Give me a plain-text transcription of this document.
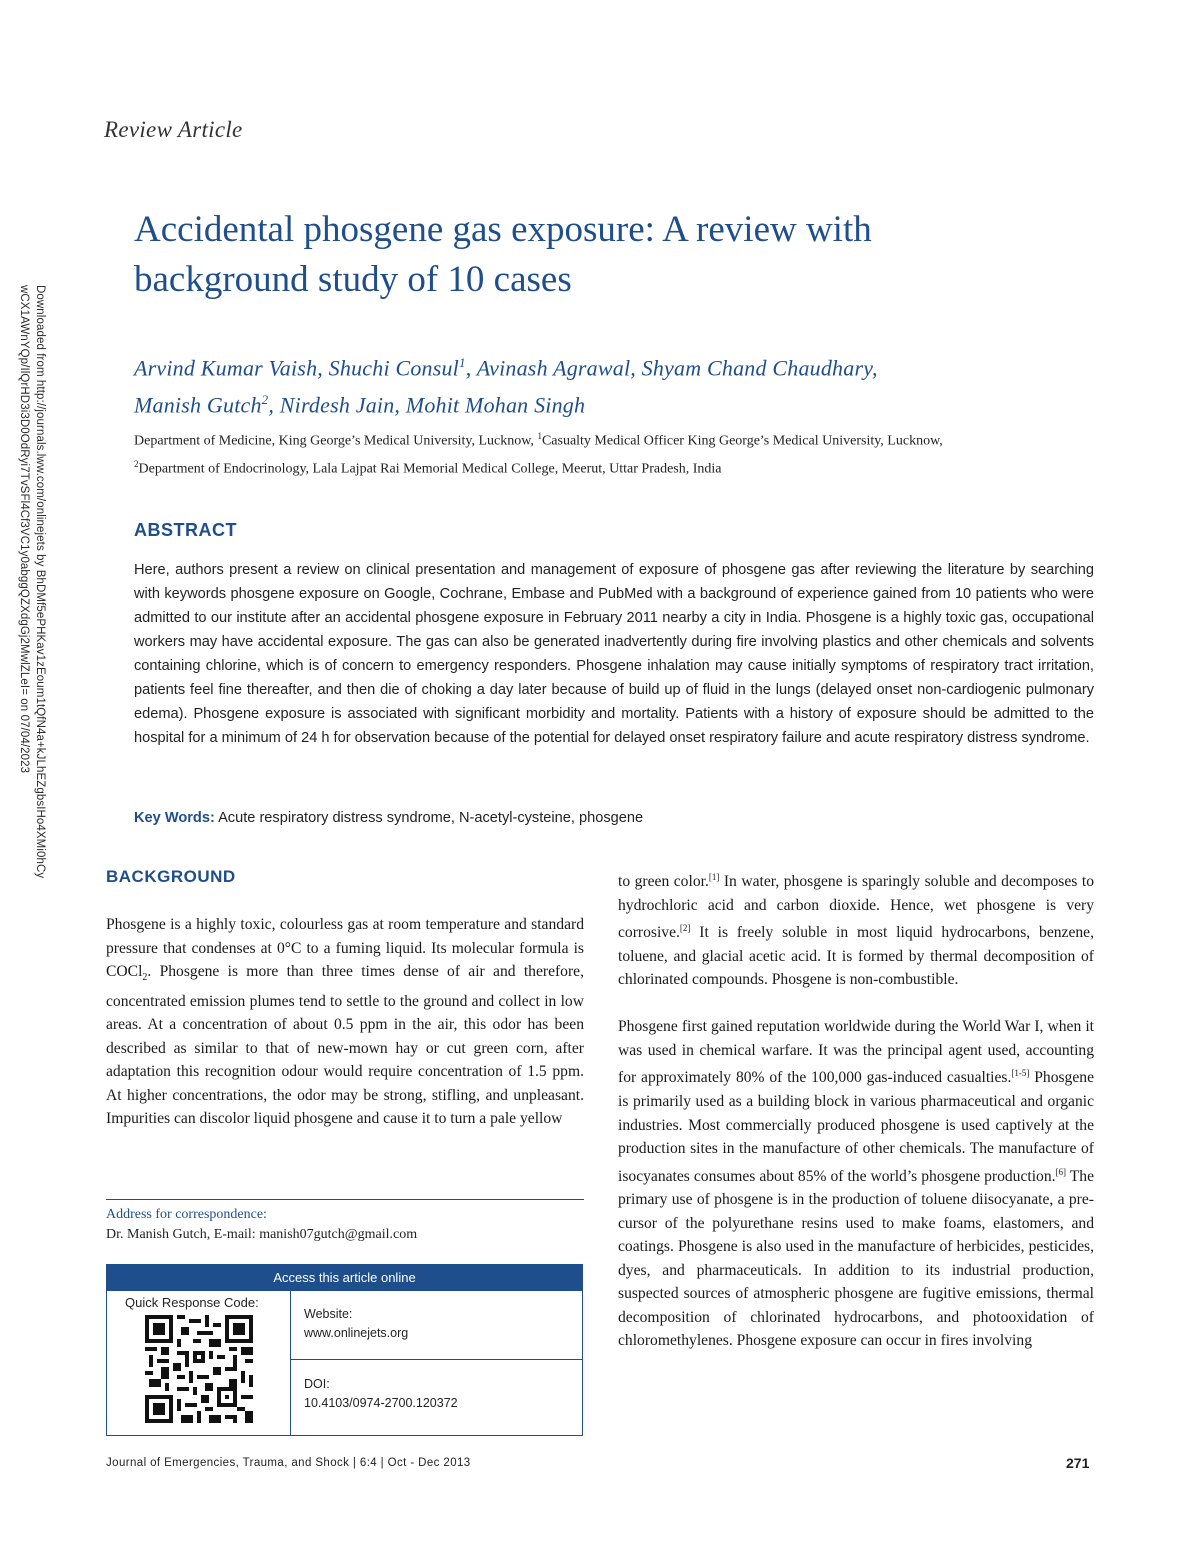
Downloaded from http://journals.lww.com/onlinejets by BhDMf5ePHKav1zEoum1tQfN4a+kJLhEZgbsIHo4XMi0hCy
wCX1AWnYQp/IlQrHD3i3D0OdRyi7TvSFl4Cf3VC1y0abggQZXdgGj2MwlZLeI= on 07/04/2023
Review Article
Accidental phosgene gas exposure: A review with background study of 10 cases
Arvind Kumar Vaish, Shuchi Consul$^1$, Avinash Agrawal, Shyam Chand Chaudhary,
Manish Gutch$^2$, Nirdesh Jain, Mohit Mohan Singh
Department of Medicine, King George’s Medical University, Lucknow, $^1$Casualty Medical Officer King George’s Medical University, Lucknow,
$^2$Department of Endocrinology, Lala Lajpat Rai Memorial Medical College, Meerut, Uttar Pradesh, India
ABSTRACT
Here, authors present a review on clinical presentation and management of exposure of phosgene gas after reviewing the literature by searching with keywords phosgene exposure on Google, Cochrane, Embase and PubMed with a background of experience gained from 10 patients who were admitted to our institute after an accidental phosgene exposure in February 2011 nearby a city in India. Phosgene is a highly toxic gas, occupational workers may have accidental exposure. The gas can also be generated inadvertently during fire involving plastics and other chemicals and solvents containing chlorine, which is of concern to emergency responders. Phosgene inhalation may cause initially symptoms of respiratory tract irritation, patients feel fine thereafter, and then die of choking a day later because of build up of fluid in the lungs (delayed onset non-cardiogenic pulmonary edema). Phosgene exposure is associated with significant morbidity and mortality. Patients with a history of exposure should be admitted to the hospital for a minimum of 24 h for observation because of the potential for delayed onset respiratory failure and acute respiratory distress syndrome.
Key Words: Acute respiratory distress syndrome, N-acetyl-cysteine, phosgene
BACKGROUND

Phosgene is a highly toxic, colourless gas at room temperature and standard pressure that condenses at 0°C to a fuming liquid. Its molecular formula is COCl$_2$. Phosgene is more than three times dense of air and therefore, concentrated emission plumes tend to settle to the ground and collect in low areas. At a concentration of about 0.5 ppm in the air, this odor has been described as similar to that of new-mown hay or cut green corn, after adaptation this recognition odour would require concentration of 1.5 ppm. At higher concentrations, the odor may be strong, stifling, and unpleasant. Impurities can discolor liquid phosgene and cause it to turn a pale yellow

to green color.[1] In water, phosgene is sparingly soluble and decomposes to hydrochloric acid and carbon dioxide. Hence, wet phosgene is very corrosive.[2] It is freely soluble in most liquid hydrocarbons, benzene, toluene, and glacial acetic acid. It is formed by thermal decomposition of chlorinated compounds. Phosgene is non-combustible.

Phosgene first gained reputation worldwide during the World War I, when it was used in chemical warfare. It was the principal agent used, accounting for approximately 80% of the 100,000 gas-induced casualties.[1-5] Phosgene is primarily used as a building block in various pharmaceutical and organic industries. Most commercially produced phosgene is used captively at the production sites in the manufacture of other chemicals. The manufacture of isocyanates consumes about 85% of the world’s phosgene production.[6] The primary use of phosgene is in the production of toluene diisocyanate, a pre-cursor of the polyurethane resins used to make foams, elastomers, and coatings. Phosgene is also used in the manufacture of herbicides, pesticides, dyes, and pharmaceuticals. In addition to its industrial production, suspected sources of atmospheric phosgene are fugitive emissions, thermal decomposition of chlorinated hydrocarbons, and photooxidation of chloromethylenes. Phosgene exposure can occur in fires involving

Address for correspondence:
Dr. Manish Gutch, E-mail: manish07gutch@gmail.com
Access this article online
Quick Response Code:
Website:
www.onlinejets.org
DOI:
10.4103/0974-2700.120372
Journal of Emergencies, Trauma, and Shock | 6:4 | Oct - Dec 2013	271
